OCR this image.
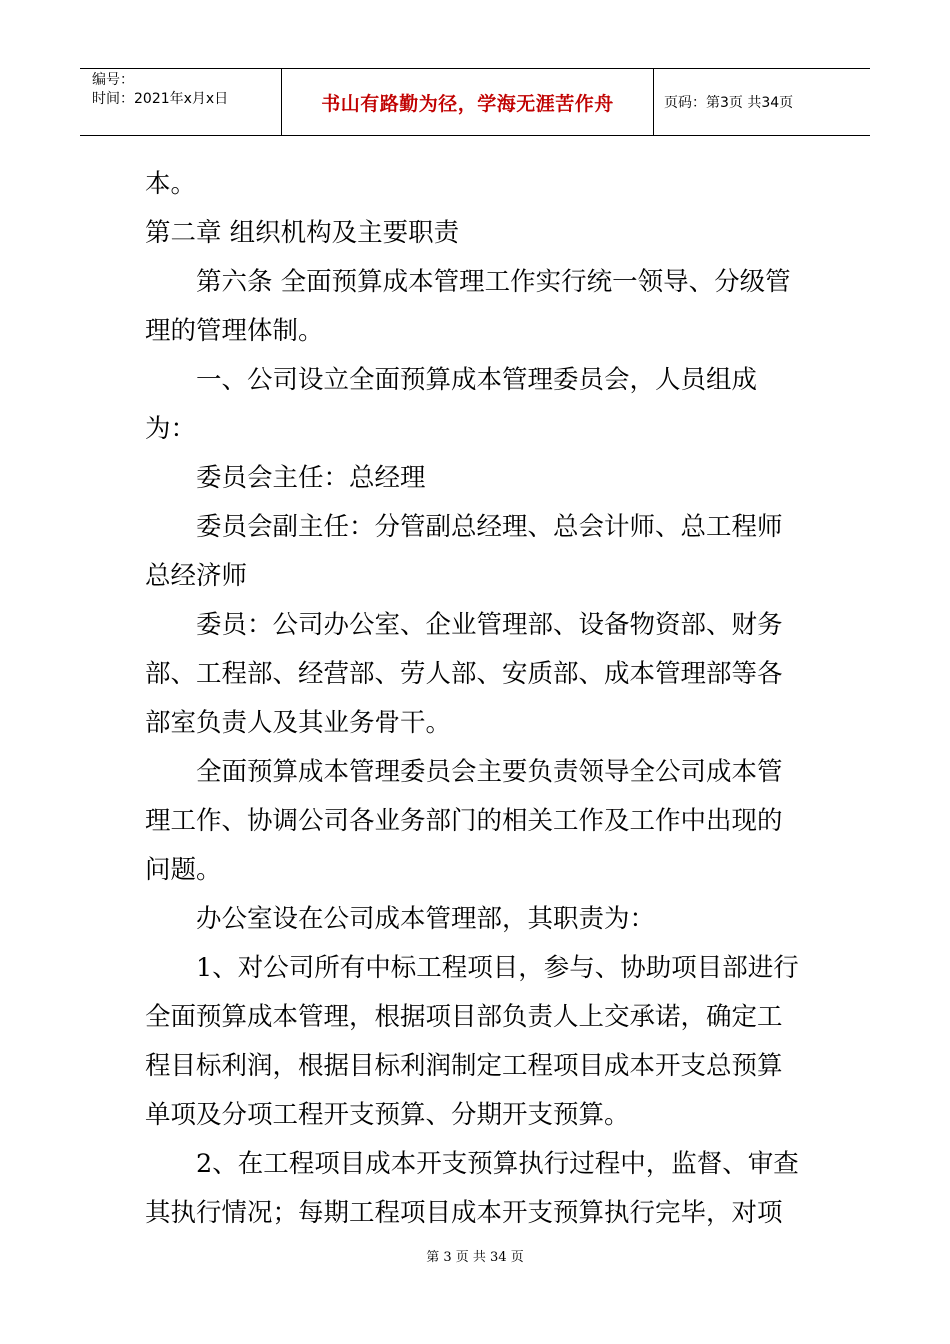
编号：
时间：2021年x月x日	书山有路勤为径，学海无涯苦作舟	页码：第3页 共34页

本。

第二章 组织机构及主要职责

第六条 全面预算成本管理工作实行统一领导、分级管理的管理体制。

一、公司设立全面预算成本管理委员会，人员组成为：

委员会主任：总经理

委员会副主任：分管副总经理、总会计师、总工程师总经济师

委员：公司办公室、企业管理部、设备物资部、财务部、工程部、经营部、劳人部、安质部、成本管理部等各部室负责人及其业务骨干。

全面预算成本管理委员会主要负责领导全公司成本管理工作、协调公司各业务部门的相关工作及工作中出现的问题。

办公室设在公司成本管理部，其职责为：

1、对公司所有中标工程项目，参与、协助项目部进行全面预算成本管理，根据项目部负责人上交承诺，确定工程目标利润，根据目标利润制定工程项目成本开支总预算单项及分项工程开支预算、分期开支预算。

2、在工程项目成本开支预算执行过程中，监督、审查其执行情况；每期工程项目成本开支预算执行完毕，对项

第 3 页 共 34 页
